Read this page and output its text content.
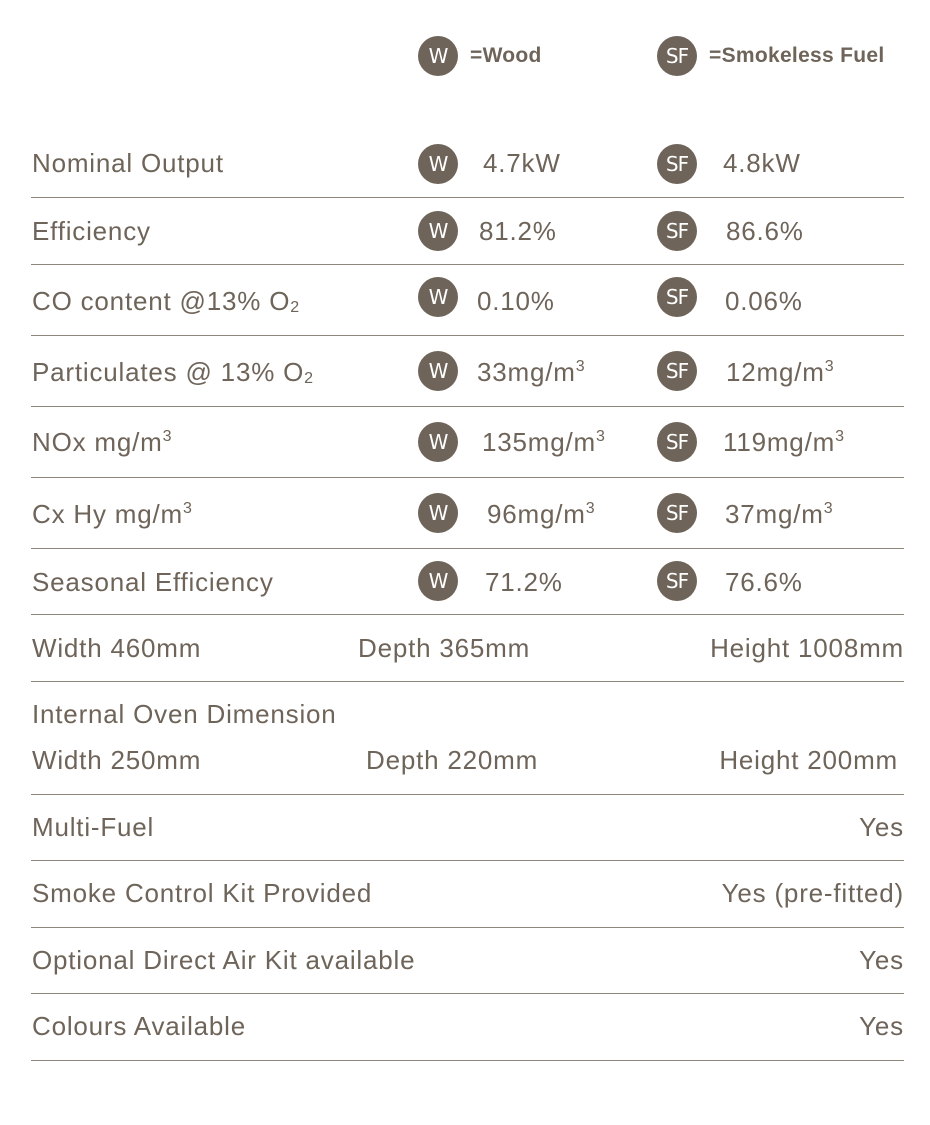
W	=Wood	SF =Smokeless Fuel
Nominal Output	W	4.7kW	SF	4.8kW
Efficiency	W	81.2%	SF	86.6%
CO content @13% $O_2$	W	0.10%	SF	0.06%
Particulates @ 13% $O_2$	W	$33mg/m^3$	SF	$12mg/m^3$
NOx $mg/m^3$	W	$135mg/m^3$	SF	$119mg/m^3$
Cx Hy $mg/m^3$	W	$96mg/m^3$	SF	$37mg/m^3$
Seasonal Efficiency	W	71.2%	SF	76.6%
Width 460mm	Depth 365mm	Height 1008mm
Internal Oven Dimension
Width 250mm	Depth 220mm	Height 200mm
Multi-Fuel	Yes
Smoke Control Kit Provided	Yes (pre-fitted)
Optional Direct Air Kit available	Yes
Colours Available	Yes
